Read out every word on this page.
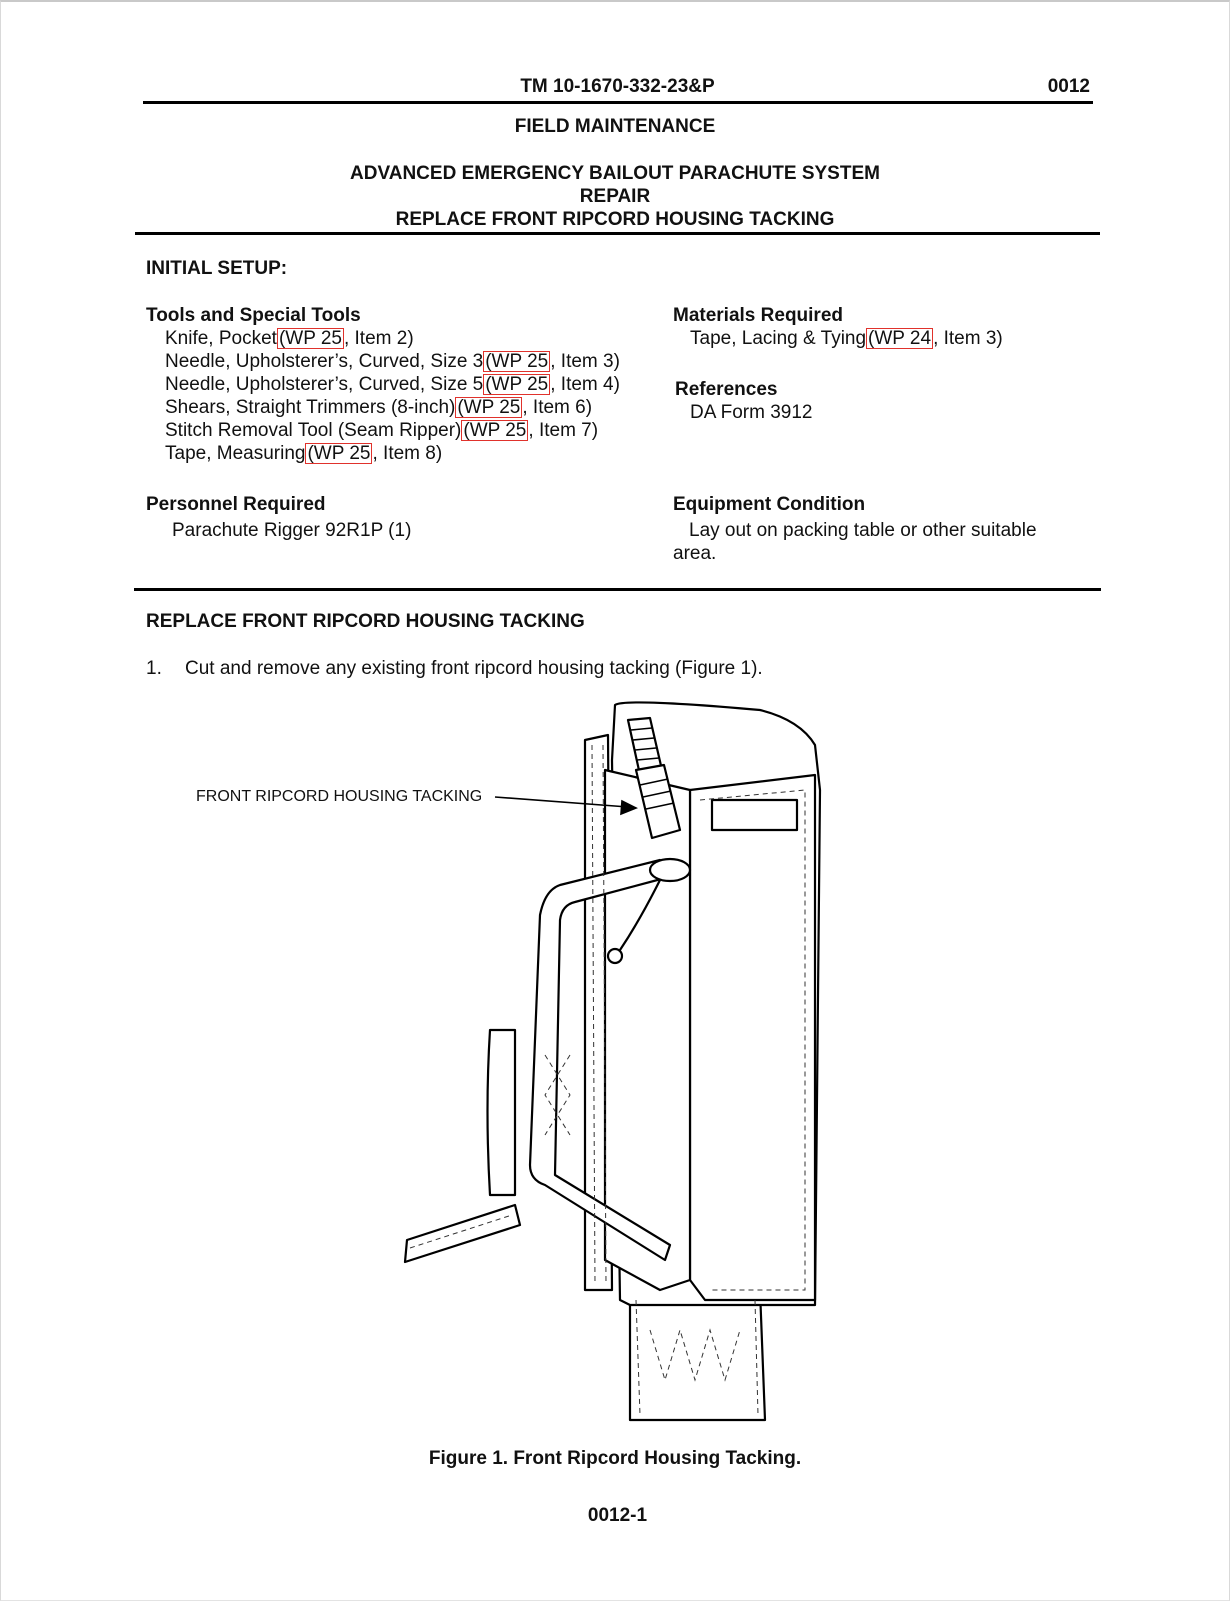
TM 10-1670-332-23&P	0012
FIELD MAINTENANCE
ADVANCED EMERGENCY BAILOUT PARACHUTE SYSTEM
REPAIR
REPLACE FRONT RIPCORD HOUSING TACKING
INITIAL SETUP:
Tools and Special Tools
Knife, Pocket (WP 25 , Item 2)
Needle, Upholsterer’s, Curved, Size 3(WP 25 , Item 3)
Needle, Upholsterer’s, Curved, Size 5(WP 25 , Item 4)
Shears, Straight Trimmers (8-inch)(WP 25 , Item 6)
Stitch Removal Tool (Seam Ripper)(WP 25 , Item 7)
Tape, Measuring(WP 25 , Item 8)
Materials Required
Tape, Lacing & Tying(WP 24 , Item 3)
References
DA Form 3912
Personnel Required
Parachute Rigger 92R1P (1)
Equipment Condition
Lay out on packing table or other suitable
area.
REPLACE FRONT RIPCORD HOUSING TACKING
1. Cut and remove any existing front ripcord housing tacking (Figure 1).
FRONT RIPCORD HOUSING TACKING
Figure 1. Front Ripcord Housing Tacking.
0012-1
